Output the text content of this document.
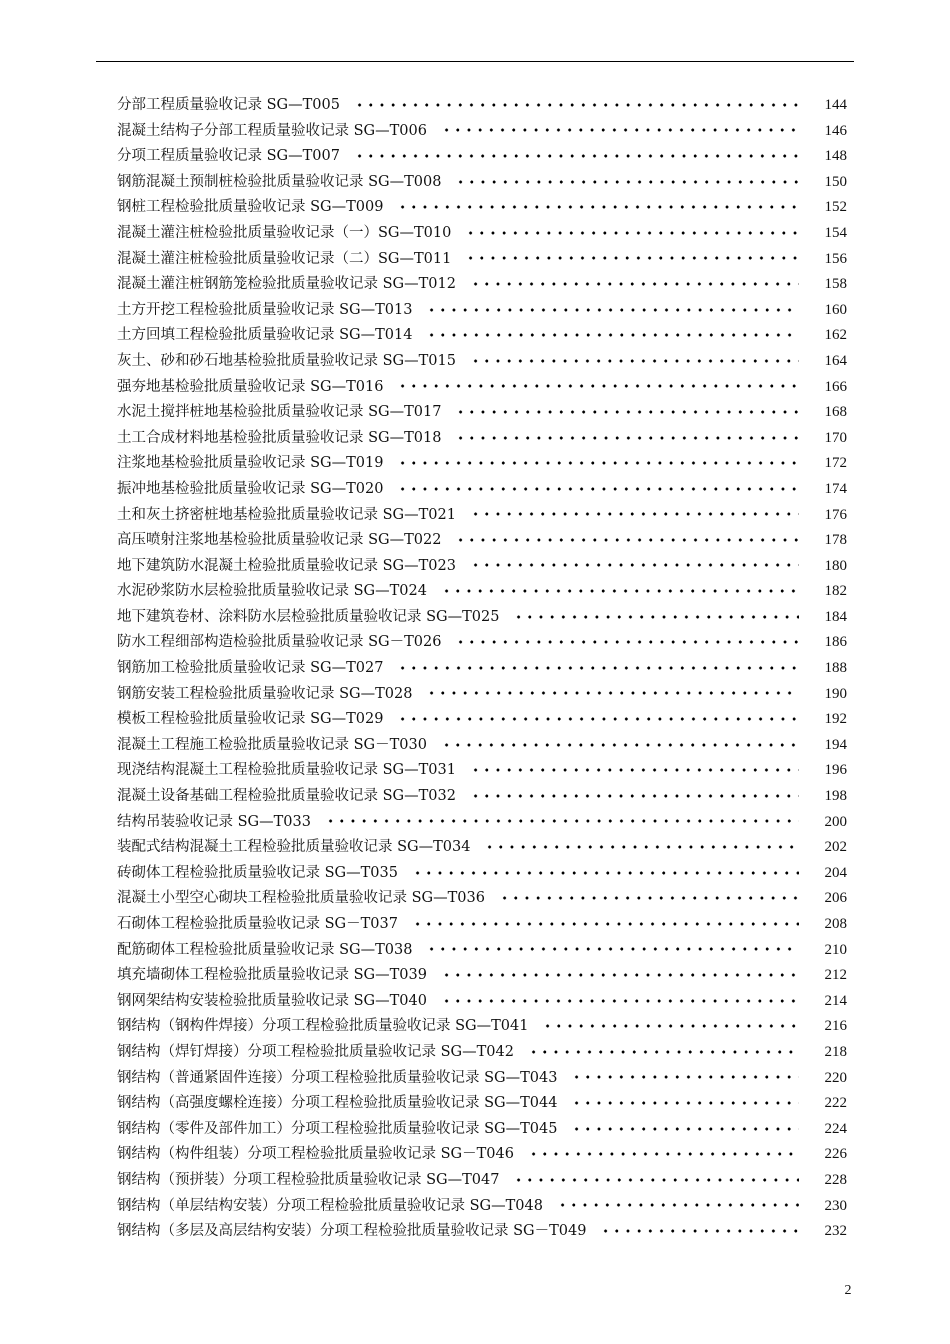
分部工程质量验收记录 SG—T005	144
混凝土结构子分部工程质量验收记录 SG—T006	146
分项工程质量验收记录 SG—T007	148
钢筋混凝土预制桩检验批质量验收记录 SG—T008	150
钢桩工程检验批质量验收记录 SG—T009	152
混凝土灌注桩检验批质量验收记录（一）SG—T010	154
混凝土灌注桩检验批质量验收记录（二）SG—T011	156
混凝土灌注桩钢筋笼检验批质量验收记录 SG—T012	158
土方开挖工程检验批质量验收记录 SG—T013	160
土方回填工程检验批质量验收记录 SG—T014	162
灰土、砂和砂石地基检验批质量验收记录 SG—T015	164
强夯地基检验批质量验收记录 SG—T016	166
水泥土搅拌桩地基检验批质量验收记录 SG—T017	168
土工合成材料地基检验批质量验收记录 SG—T018	170
注浆地基检验批质量验收记录 SG—T019	172
振冲地基检验批质量验收记录 SG—T020	174
土和灰土挤密桩地基检验批质量验收记录 SG—T021	176
高压喷射注浆地基检验批质量验收记录 SG—T022	178
地下建筑防水混凝土检验批质量验收记录 SG—T023	180
水泥砂浆防水层检验批质量验收记录 SG—T024	182
地下建筑卷材、涂料防水层检验批质量验收记录 SG—T025	184
防水工程细部构造检验批质量验收记录 SG－T026	186
钢筋加工检验批质量验收记录 SG—T027	188
钢筋安装工程检验批质量验收记录 SG—T028	190
模板工程检验批质量验收记录 SG—T029	192
混凝土工程施工检验批质量验收记录 SG－T030	194
现浇结构混凝土工程检验批质量验收记录 SG—T031	196
混凝土设备基础工程检验批质量验收记录 SG—T032	198
结构吊装验收记录 SG—T033	200
装配式结构混凝土工程检验批质量验收记录 SG—T034	202
砖砌体工程检验批质量验收记录 SG—T035	204
混凝土小型空心砌块工程检验批质量验收记录 SG—T036	206
石砌体工程检验批质量验收记录 SG－T037	208
配筋砌体工程检验批质量验收记录 SG—T038	210
填充墙砌体工程检验批质量验收记录 SG—T039	212
钢网架结构安装检验批质量验收记录 SG—T040	214
钢结构（钢构件焊接）分项工程检验批质量验收记录 SG—T041	216
钢结构（焊钉焊接）分项工程检验批质量验收记录 SG—T042	218
钢结构（普通紧固件连接）分项工程检验批质量验收记录 SG—T043	220
钢结构（高强度螺栓连接）分项工程检验批质量验收记录 SG—T044	222
钢结构（零件及部件加工）分项工程检验批质量验收记录 SG—T045	224
钢结构（构件组装）分项工程检验批质量验收记录 SG－T046	226
钢结构（预拼装）分项工程检验批质量验收记录 SG—T047	228
钢结构（单层结构安装）分项工程检验批质量验收记录 SG—T048	230
钢结构（多层及高层结构安装）分项工程检验批质量验收记录 SG－T049	232
2
